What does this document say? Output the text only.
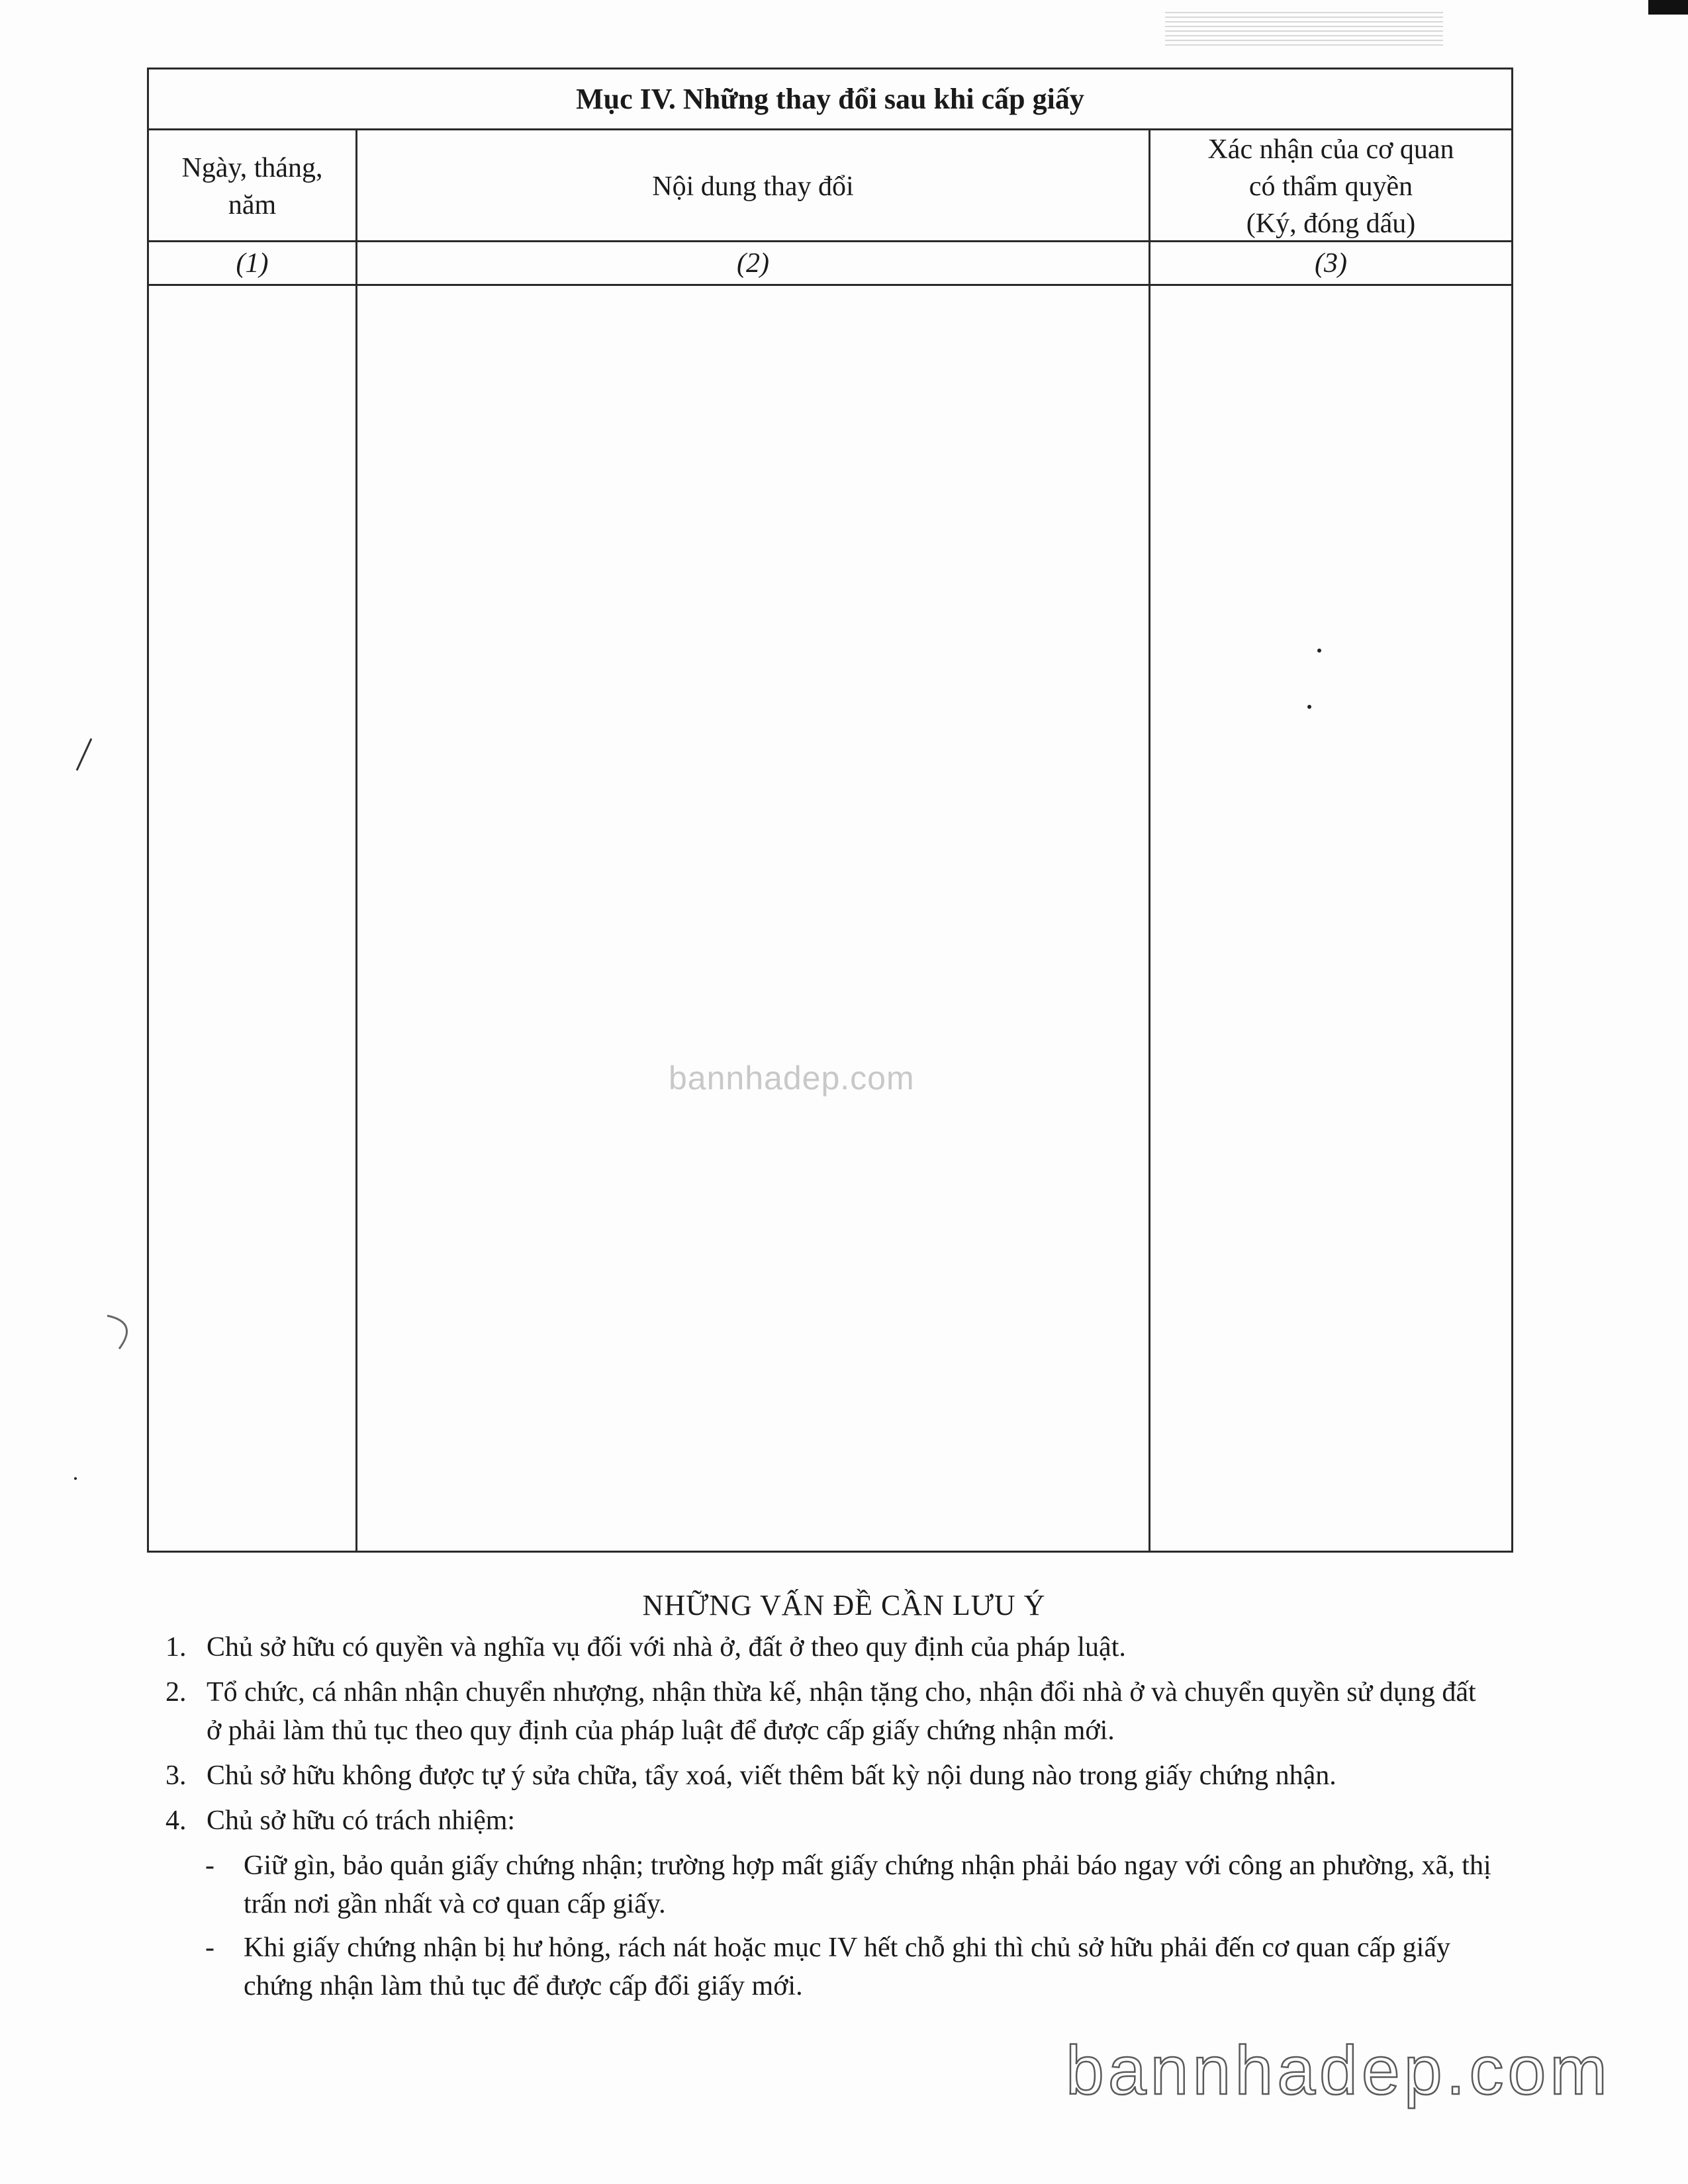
Mục IV. Những thay đổi sau khi cấp giấy
Ngày, tháng,
năm
Nội dung thay đổi
Xác nhận của cơ quan
có thẩm quyền
(Ký, đóng dấu)
(1)	(2)	(3)
bannhadep.com
NHỮNG VẤN ĐỀ CẦN LƯU Ý
1. Chủ sở hữu có quyền và nghĩa vụ đối với nhà ở, đất ở theo quy định của pháp luật.
2. Tổ chức, cá nhân nhận chuyển nhượng, nhận thừa kế, nhận tặng cho, nhận đổi nhà ở và chuyển quyền sử dụng đất ở phải làm thủ tục theo quy định của pháp luật để được cấp giấy chứng nhận mới.
3. Chủ sở hữu không được tự ý sửa chữa, tẩy xoá, viết thêm bất kỳ nội dung nào trong giấy chứng nhận.
4. Chủ sở hữu có trách nhiệm:
- Giữ gìn, bảo quản giấy chứng nhận; trường hợp mất giấy chứng nhận phải báo ngay với công an phường, xã, thị trấn nơi gần nhất và cơ quan cấp giấy.
- Khi giấy chứng nhận bị hư hỏng, rách nát hoặc mục IV hết chỗ ghi thì chủ sở hữu phải đến cơ quan cấp giấy chứng nhận làm thủ tục để được cấp đổi giấy mới.
bannhadep.com
